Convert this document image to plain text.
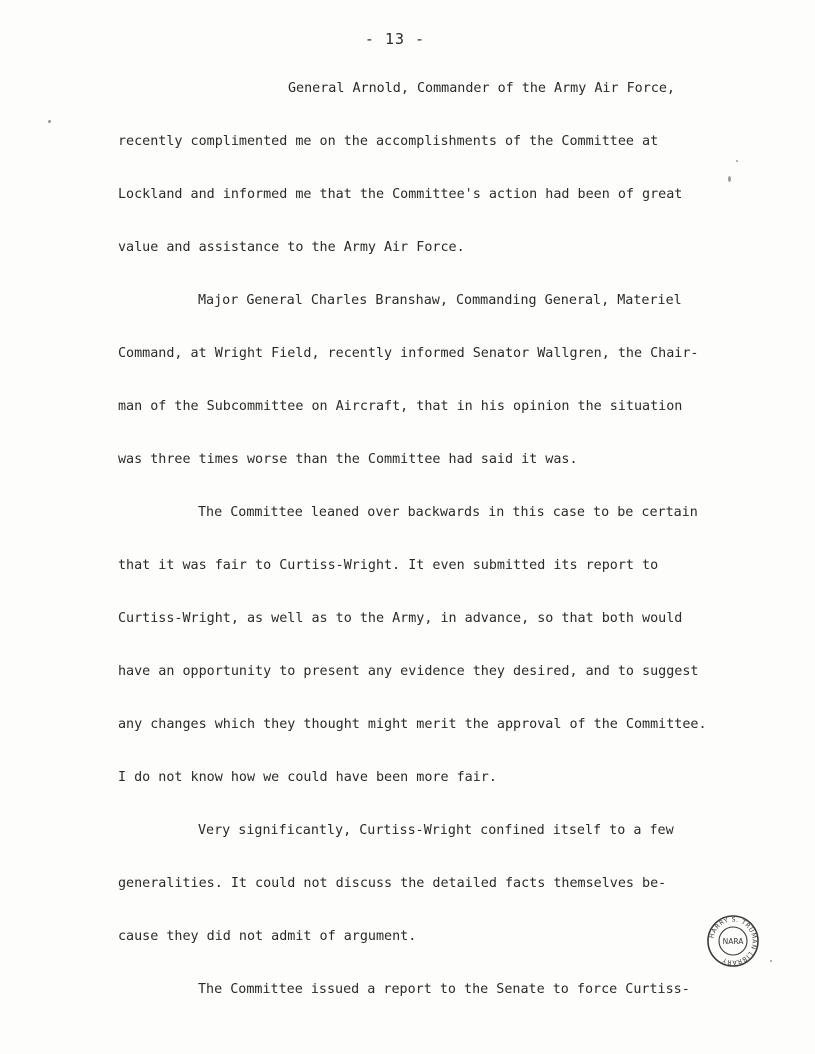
- 13 -
General Arnold, Commander of the Army Air Force,
recently complimented me on the accomplishments of the Committee at
Lockland and informed me that the Committee's action had been of great
value and assistance to the Army Air Force.
Major General Charles Branshaw, Commanding General, Materiel
Command, at Wright Field, recently informed Senator Wallgren, the Chair-
man of the Subcommittee on Aircraft, that in his opinion the situation
was three times worse than the Committee had said it was.
The Committee leaned over backwards in this case to be certain
that it was fair to Curtiss-Wright. It even submitted its report to
Curtiss-Wright, as well as to the Army, in advance, so that both would
have an opportunity to present any evidence they desired, and to suggest
any changes which they thought might merit the approval of the Committee.
I do not know how we could have been more fair.
Very significantly, Curtiss-Wright confined itself to a few
generalities. It could not discuss the detailed facts themselves be-
cause they did not admit of argument.
The Committee issued a report to the Senate to force Curtiss-
HARRY S. TRUMAN LIBRARY
NARA
